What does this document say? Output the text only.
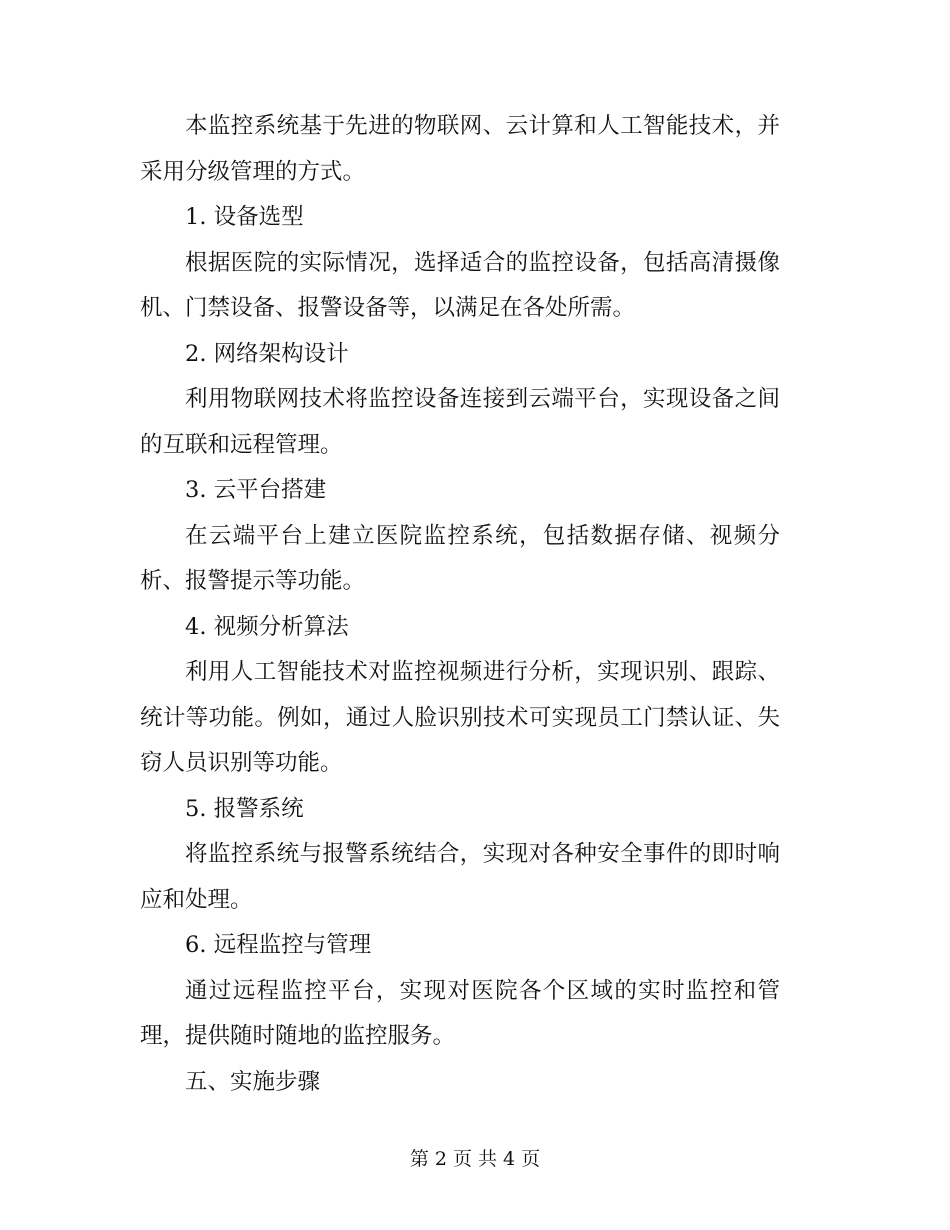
本监控系统基于先进的物联网、云计算和人工智能技术，并采用分级管理的方式。

1. 设备选型

根据医院的实际情况，选择适合的监控设备，包括高清摄像机、门禁设备、报警设备等，以满足在各处所需。

2. 网络架构设计

利用物联网技术将监控设备连接到云端平台，实现设备之间的互联和远程管理。

3. 云平台搭建

在云端平台上建立医院监控系统，包括数据存储、视频分析、报警提示等功能。

4. 视频分析算法

利用人工智能技术对监控视频进行分析，实现识别、跟踪、统计等功能。例如，通过人脸识别技术可实现员工门禁认证、失窃人员识别等功能。

5. 报警系统

将监控系统与报警系统结合，实现对各种安全事件的即时响应和处理。

6. 远程监控与管理

通过远程监控平台，实现对医院各个区域的实时监控和管理，提供随时随地的监控服务。

五、实施步骤

第 2 页 共 4 页
